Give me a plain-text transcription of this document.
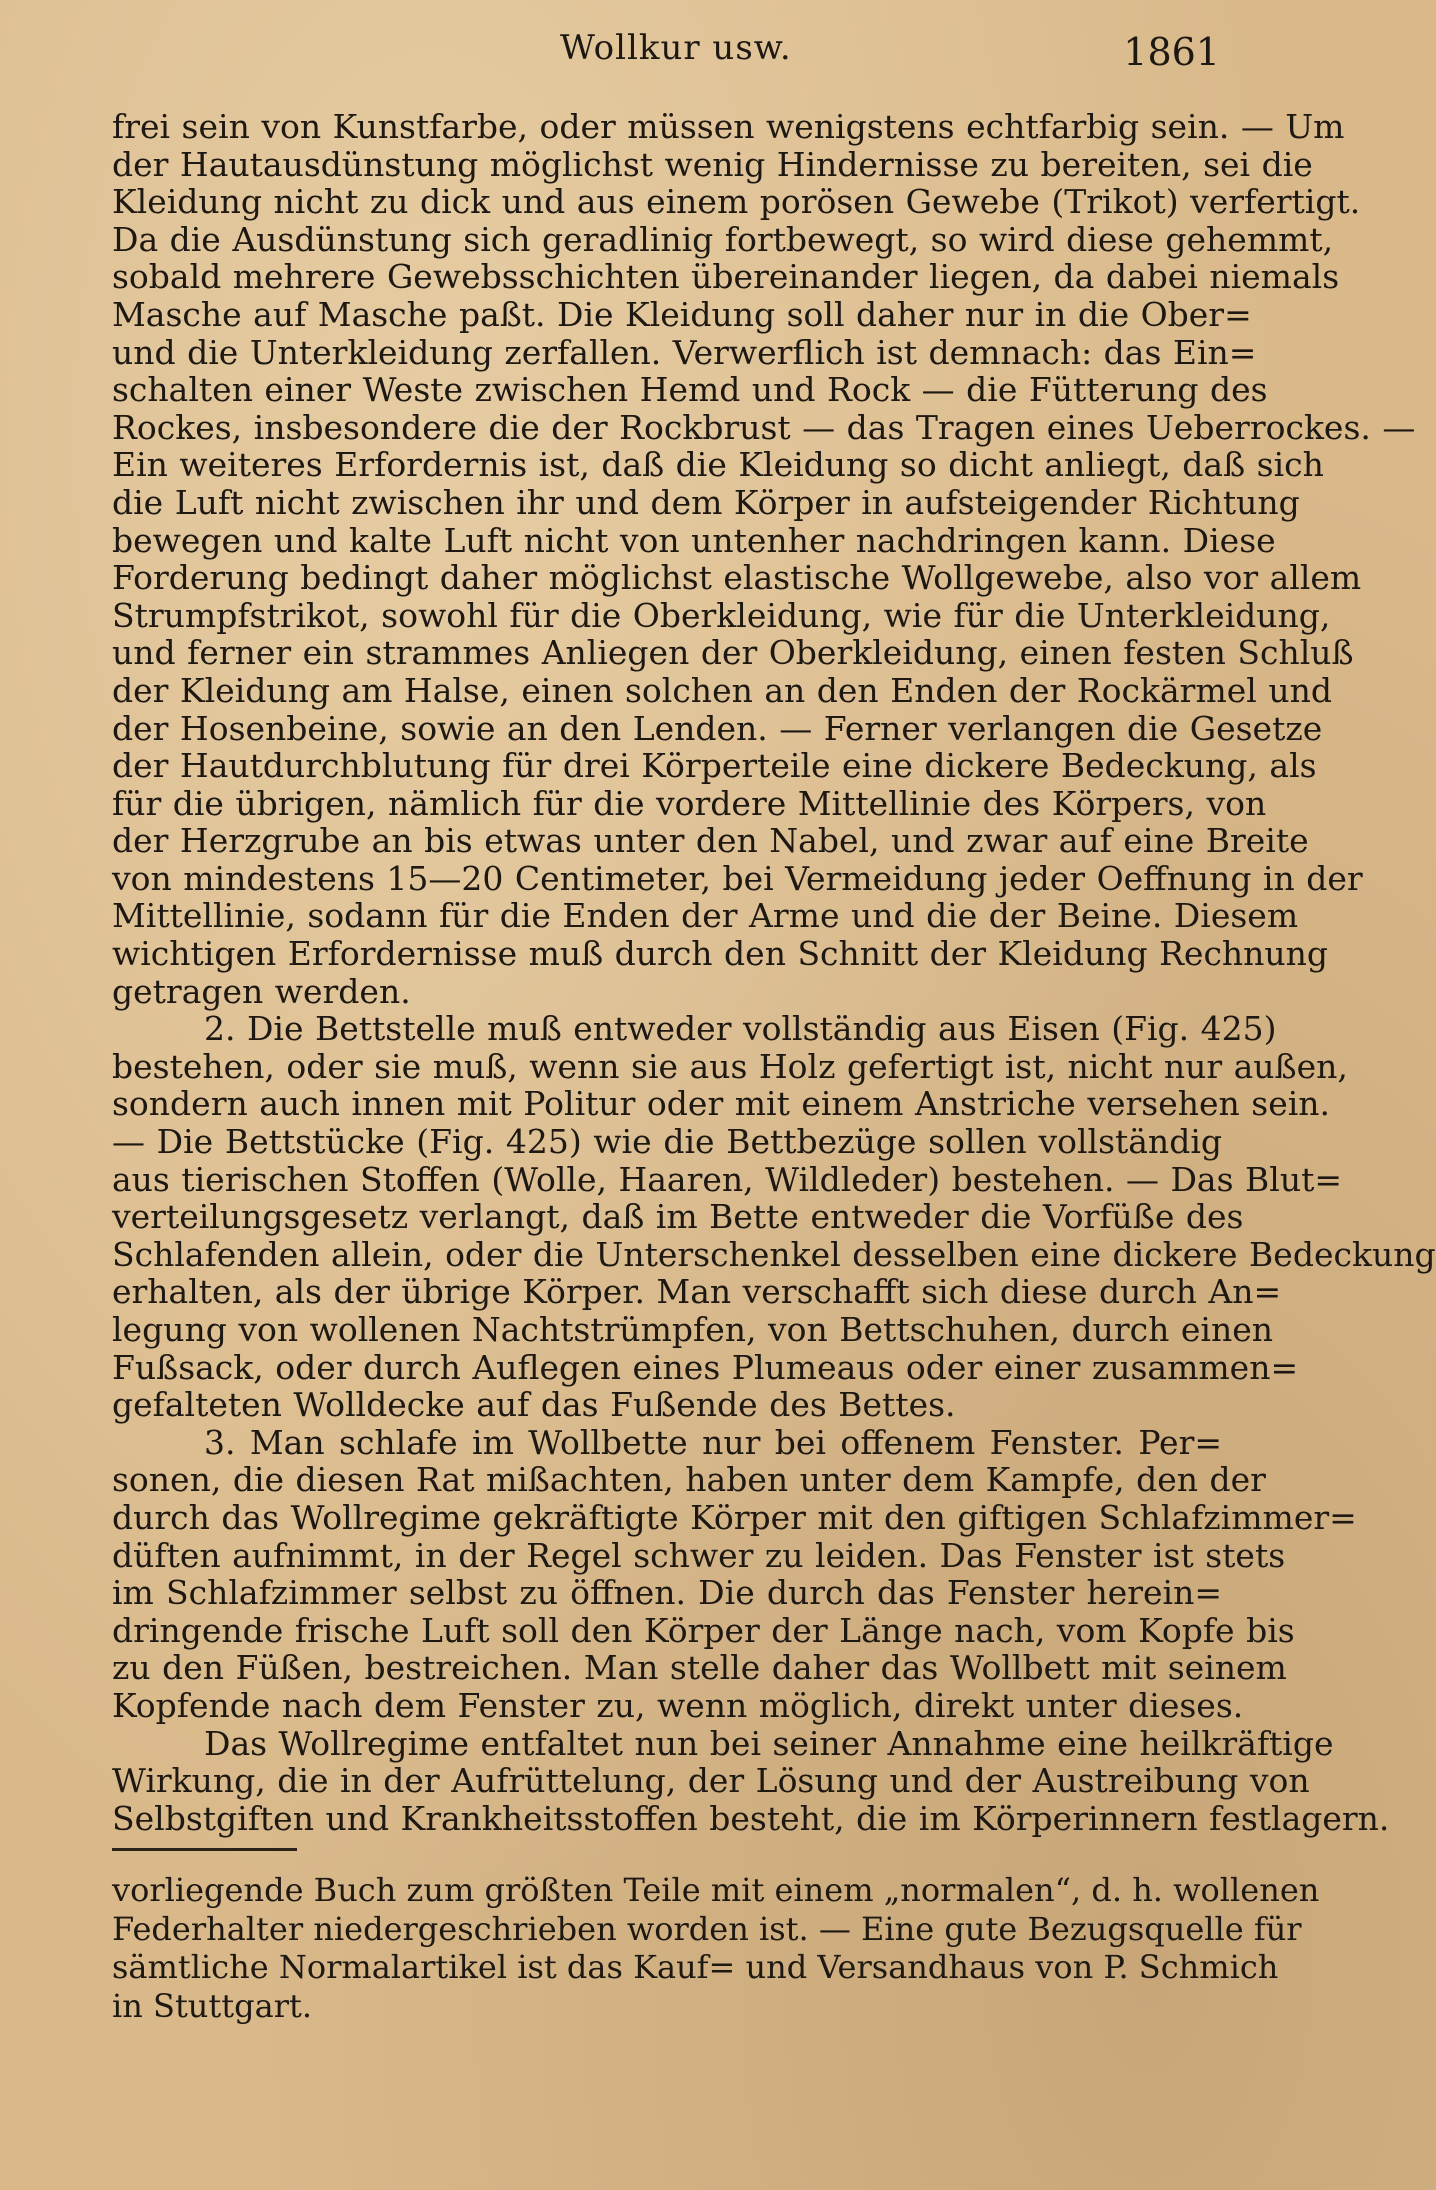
Wollkur usw.	1861
frei sein von Kunstfarbe, oder müssen wenigstens echtfarbig sein. — Um
der Hautausdünstung möglichst wenig Hindernisse zu bereiten, sei die
Kleidung nicht zu dick und aus einem porösen Gewebe (Trikot) verfertigt.
Da die Ausdünstung sich geradlinig fortbewegt, so wird diese gehemmt,
sobald mehrere Gewebsschichten übereinander liegen, da dabei niemals
Masche auf Masche paßt. Die Kleidung soll daher nur in die Ober=
und die Unterkleidung zerfallen. Verwerflich ist demnach: das Ein=
schalten einer Weste zwischen Hemd und Rock — die Fütterung des
Rockes, insbesondere die der Rockbrust — das Tragen eines Ueberrockes. —
Ein weiteres Erfordernis ist, daß die Kleidung so dicht anliegt, daß sich
die Luft nicht zwischen ihr und dem Körper in aufsteigender Richtung
bewegen und kalte Luft nicht von untenher nachdringen kann. Diese
Forderung bedingt daher möglichst elastische Wollgewebe, also vor allem
Strumpfstrikot, sowohl für die Oberkleidung, wie für die Unterkleidung,
und ferner ein strammes Anliegen der Oberkleidung, einen festen Schluß
der Kleidung am Halse, einen solchen an den Enden der Rockärmel und
der Hosenbeine, sowie an den Lenden. — Ferner verlangen die Gesetze
der Hautdurchblutung für drei Körperteile eine dickere Bedeckung, als
für die übrigen, nämlich für die vordere Mittellinie des Körpers, von
der Herzgrube an bis etwas unter den Nabel, und zwar auf eine Breite
von mindestens 15—20 Centimeter, bei Vermeidung jeder Oeffnung in der
Mittellinie, sodann für die Enden der Arme und die der Beine. Diesem
wichtigen Erfordernisse muß durch den Schnitt der Kleidung Rechnung
getragen werden.
2. Die Bettstelle muß entweder vollständig aus Eisen (Fig. 425)
bestehen, oder sie muß, wenn sie aus Holz gefertigt ist, nicht nur außen,
sondern auch innen mit Politur oder mit einem Anstriche versehen sein.
— Die Bettstücke (Fig. 425) wie die Bettbezüge sollen vollständig
aus tierischen Stoffen (Wolle, Haaren, Wildleder) bestehen. — Das Blut=
verteilungsgesetz verlangt, daß im Bette entweder die Vorfüße des
Schlafenden allein, oder die Unterschenkel desselben eine dickere Bedeckung
erhalten, als der übrige Körper. Man verschafft sich diese durch An=
legung von wollenen Nachtstrümpfen, von Bettschuhen, durch einen
Fußsack, oder durch Auflegen eines Plumeaus oder einer zusammen=
gefalteten Wolldecke auf das Fußende des Bettes.
3. Man schlafe im Wollbette nur bei offenem Fenster. Per=
sonen, die diesen Rat mißachten, haben unter dem Kampfe, den der
durch das Wollregime gekräftigte Körper mit den giftigen Schlafzimmer=
düften aufnimmt, in der Regel schwer zu leiden. Das Fenster ist stets
im Schlafzimmer selbst zu öffnen. Die durch das Fenster herein=
dringende frische Luft soll den Körper der Länge nach, vom Kopfe bis
zu den Füßen, bestreichen. Man stelle daher das Wollbett mit seinem
Kopfende nach dem Fenster zu, wenn möglich, direkt unter dieses.
Das Wollregime entfaltet nun bei seiner Annahme eine heilkräftige
Wirkung, die in der Aufrüttelung, der Lösung und der Austreibung von
Selbstgiften und Krankheitsstoffen besteht, die im Körperinnern festlagern.
vorliegende Buch zum größten Teile mit einem „normalen“, d. h. wollenen
Federhalter niedergeschrieben worden ist. — Eine gute Bezugsquelle für
sämtliche Normalartikel ist das Kauf= und Versandhaus von P. Schmich
in Stuttgart.
